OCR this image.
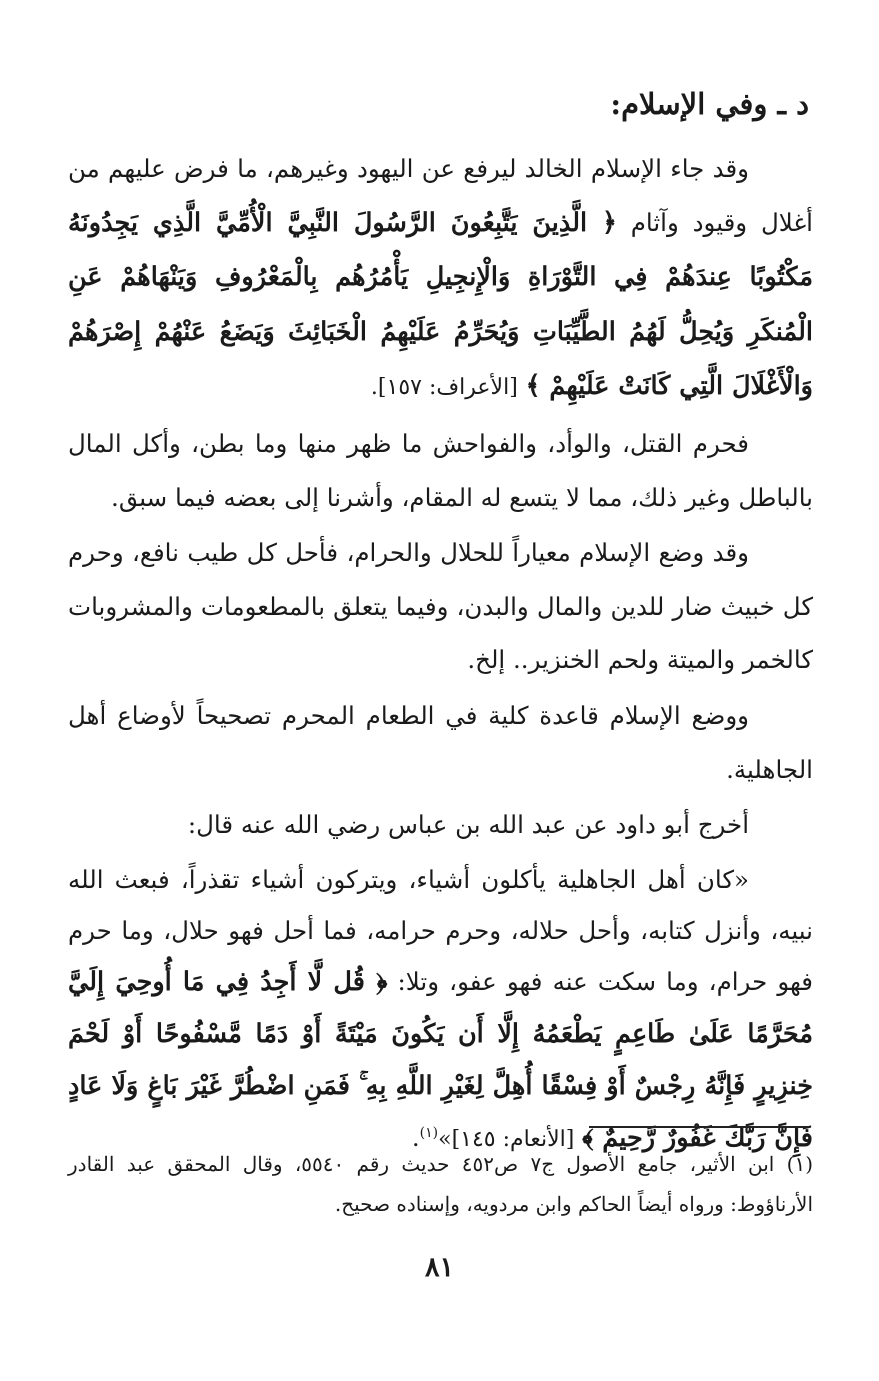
د ـ وفي الإسلام:

وقد جاء الإسلام الخالد ليرفع عن اليهود وغيرهم، ما فرض عليهم من أغلال وقيود وآثام ﴿ الَّذِينَ يَتَّبِعُونَ الرَّسُولَ النَّبِيَّ الْأُمِّيَّ الَّذِي يَجِدُونَهُ مَكْتُوبًا عِندَهُمْ فِي التَّوْرَاةِ وَالْإِنجِيلِ يَأْمُرُهُم بِالْمَعْرُوفِ وَيَنْهَاهُمْ عَنِ الْمُنكَرِ وَيُحِلُّ لَهُمُ الطَّيِّبَاتِ وَيُحَرِّمُ عَلَيْهِمُ الْخَبَائِثَ وَيَضَعُ عَنْهُمْ إِصْرَهُمْ وَالْأَغْلَالَ الَّتِي كَانَتْ عَلَيْهِمْ ﴾ [الأعراف: ١٥٧].

فحرم القتل، والوأد، والفواحش ما ظهر منها وما بطن، وأكل المال بالباطل وغير ذلك، مما لا يتسع له المقام، وأشرنا إلى بعضه فيما سبق.

وقد وضع الإسلام معياراً للحلال والحرام، فأحل كل طيب نافع، وحرم كل خبيث ضار للدين والمال والبدن، وفيما يتعلق بالمطعومات والمشروبات كالخمر والميتة ولحم الخنزير.. إلخ.

ووضع الإسلام قاعدة كلية في الطعام المحرم تصحيحاً لأوضاع أهل الجاهلية.

أخرج أبو داود عن عبد الله بن عباس رضي الله عنه قال:

«كان أهل الجاهلية يأكلون أشياء، ويتركون أشياء تقذراً، فبعث الله نبيه، وأنزل كتابه، وأحل حلاله، وحرم حرامه، فما أحل فهو حلال، وما حرم فهو حرام، وما سكت عنه فهو عفو، وتلا: ﴿ قُل لَّا أَجِدُ فِي مَا أُوحِيَ إِلَيَّ مُحَرَّمًا عَلَىٰ طَاعِمٍ يَطْعَمُهُ إِلَّا أَن يَكُونَ مَيْتَةً أَوْ دَمًا مَّسْفُوحًا أَوْ لَحْمَ خِنزِيرٍ فَإِنَّهُ رِجْسٌ أَوْ فِسْقًا أُهِلَّ لِغَيْرِ اللَّهِ بِهِ ۚ فَمَنِ اضْطُرَّ غَيْرَ بَاغٍ وَلَا عَادٍ فَإِنَّ رَبَّكَ غَفُورٌ رَّحِيمٌ ﴾ [الأنعام: ١٤٥]»$^{(١)}$.

(١) ابن الأثير، جامع الأصول ج٧ ص٤٥٢ حديث رقم ٥٥٤٠، وقال المحقق عبد القادر الأرناؤوط: ورواه أيضاً الحاكم وابن مردويه، وإسناده صحيح.

٨١
